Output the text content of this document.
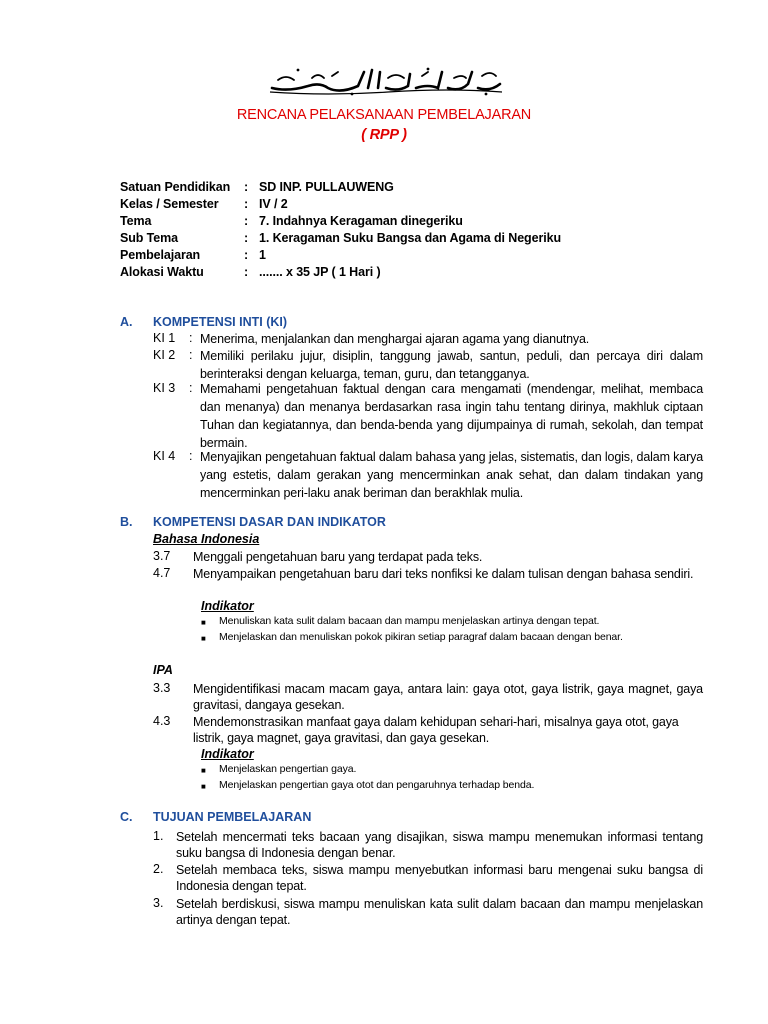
RENCANA PELAKSANAAN PEMBELAJARAN
( RPP )
Satuan Pendidikan : SD INP. PULLAUWENG
Kelas / Semester : IV / 2
Tema	: 7. Indahnya Keragaman dinegeriku
Sub Tema	: 1. Keragaman Suku Bangsa dan Agama di Negeriku
Pembelajaran	: 1
Alokasi Waktu	: ....... x 35 JP ( 1 Hari )
A. KOMPETENSI INTI (KI)
KI 1 : Menerima, menjalankan dan menghargai ajaran agama yang dianutnya.
KI 2 : Memiliki perilaku jujur, disiplin, tanggung jawab, santun, peduli, dan percaya diri dalam berinteraksi dengan keluarga, teman, guru, dan tetangganya.
KI 3 : Memahami pengetahuan faktual dengan cara mengamati (mendengar, melihat, membaca dan menanya) dan menanya berdasarkan rasa ingin tahu tentang dirinya, makhluk ciptaan Tuhan dan kegiatannya, dan benda-benda yang dijumpainya di rumah, sekolah, dan tempat bermain.
KI 4 : Menyajikan pengetahuan faktual dalam bahasa yang jelas, sistematis, dan logis, dalam karya yang estetis, dalam gerakan yang mencerminkan anak sehat, dan dalam tindakan yang mencerminkan peri-laku anak beriman dan berakhlak mulia.
B. KOMPETENSI DASAR DAN INDIKATOR
Bahasa Indonesia
3.7 Menggali pengetahuan baru yang terdapat pada teks.
4.7 Menyampaikan pengetahuan baru dari teks nonfiksi ke dalam tulisan dengan bahasa sendiri.
Indikator
■ Menuliskan kata sulit dalam bacaan dan mampu menjelaskan artinya dengan tepat.
■ Menjelaskan dan menuliskan pokok pikiran setiap paragraf dalam bacaan dengan benar.
IPA
3.3 Mengidentifikasi macam macam gaya, antara lain: gaya otot, gaya listrik, gaya magnet, gaya gravitasi, dangaya gesekan.
4.3 Mendemonstrasikan manfaat gaya dalam kehidupan sehari-hari, misalnya gaya otot, gaya listrik, gaya magnet, gaya gravitasi, dan gaya gesekan.
Indikator
■ Menjelaskan pengertian gaya.
■ Menjelaskan pengertian gaya otot dan pengaruhnya terhadap benda.
C. TUJUAN PEMBELAJARAN
1. Setelah mencermati teks bacaan yang disajikan, siswa mampu menemukan informasi tentang suku bangsa di Indonesia dengan benar.
2. Setelah membaca teks, siswa mampu menyebutkan informasi baru mengenai suku bangsa di Indonesia dengan tepat.
3. Setelah berdiskusi, siswa mampu menuliskan kata sulit dalam bacaan dan mampu menjelaskan artinya dengan tepat.
